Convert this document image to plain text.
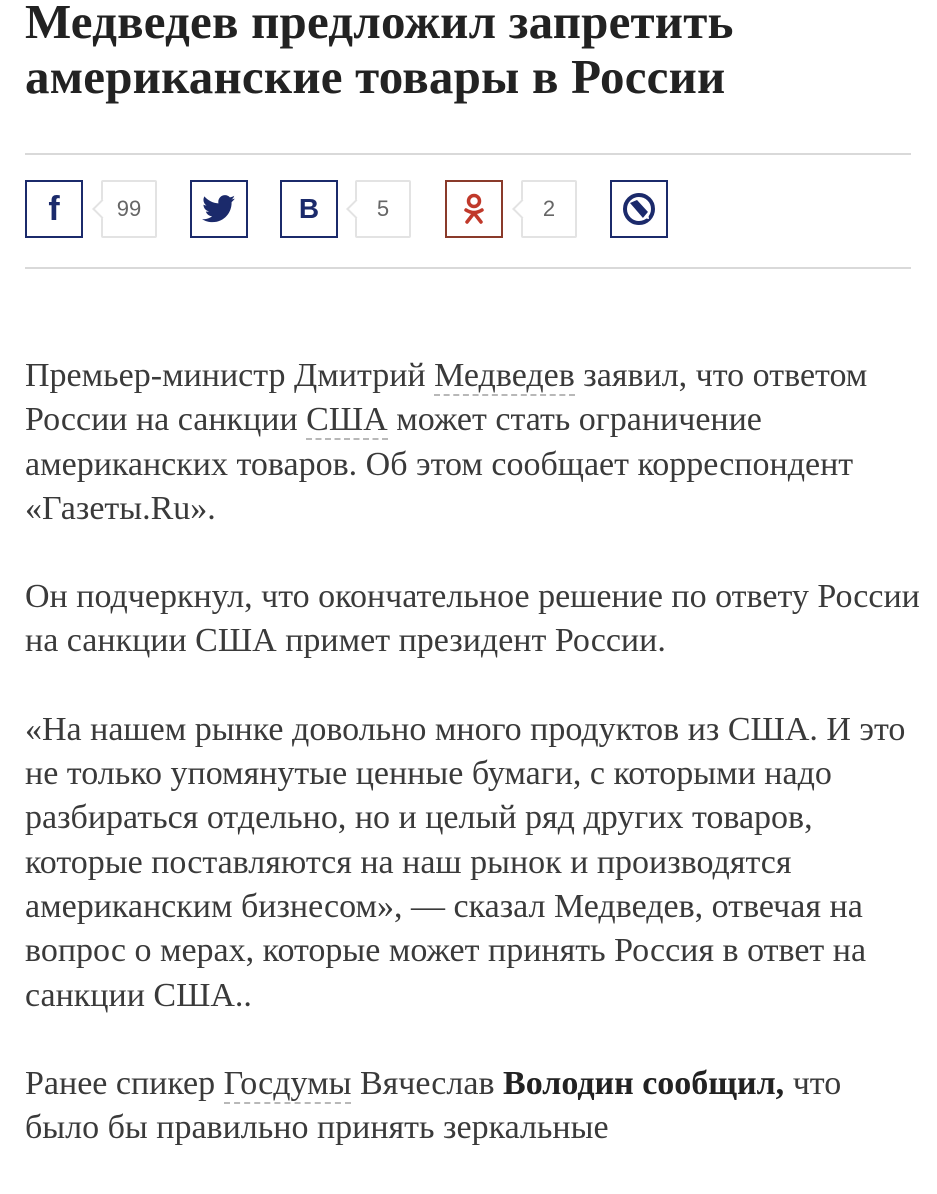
Медведев предложил запретить американские товары в России
f	99	В	5	2

Премьер-министр Дмитрий Медведев заявил, что ответом России на санкции США может стать ограничение американских товаров. Об этом сообщает корреспондент «Газеты.Ru».

Он подчеркнул, что окончательное решение по ответу России на санкции США примет президент России.

«На нашем рынке довольно много продуктов из США. И это не только упомянутые ценные бумаги, с которыми надо разбираться отдельно, но и целый ряд других товаров, которые поставляются на наш рынок и производятся американским бизнесом», — сказал Медведев, отвечая на вопрос о мерах, которые может принять Россия в ответ на санкции США..

Ранее спикер Госдумы Вячеслав Володин сообщил, что было бы правильно принять зеркальные
